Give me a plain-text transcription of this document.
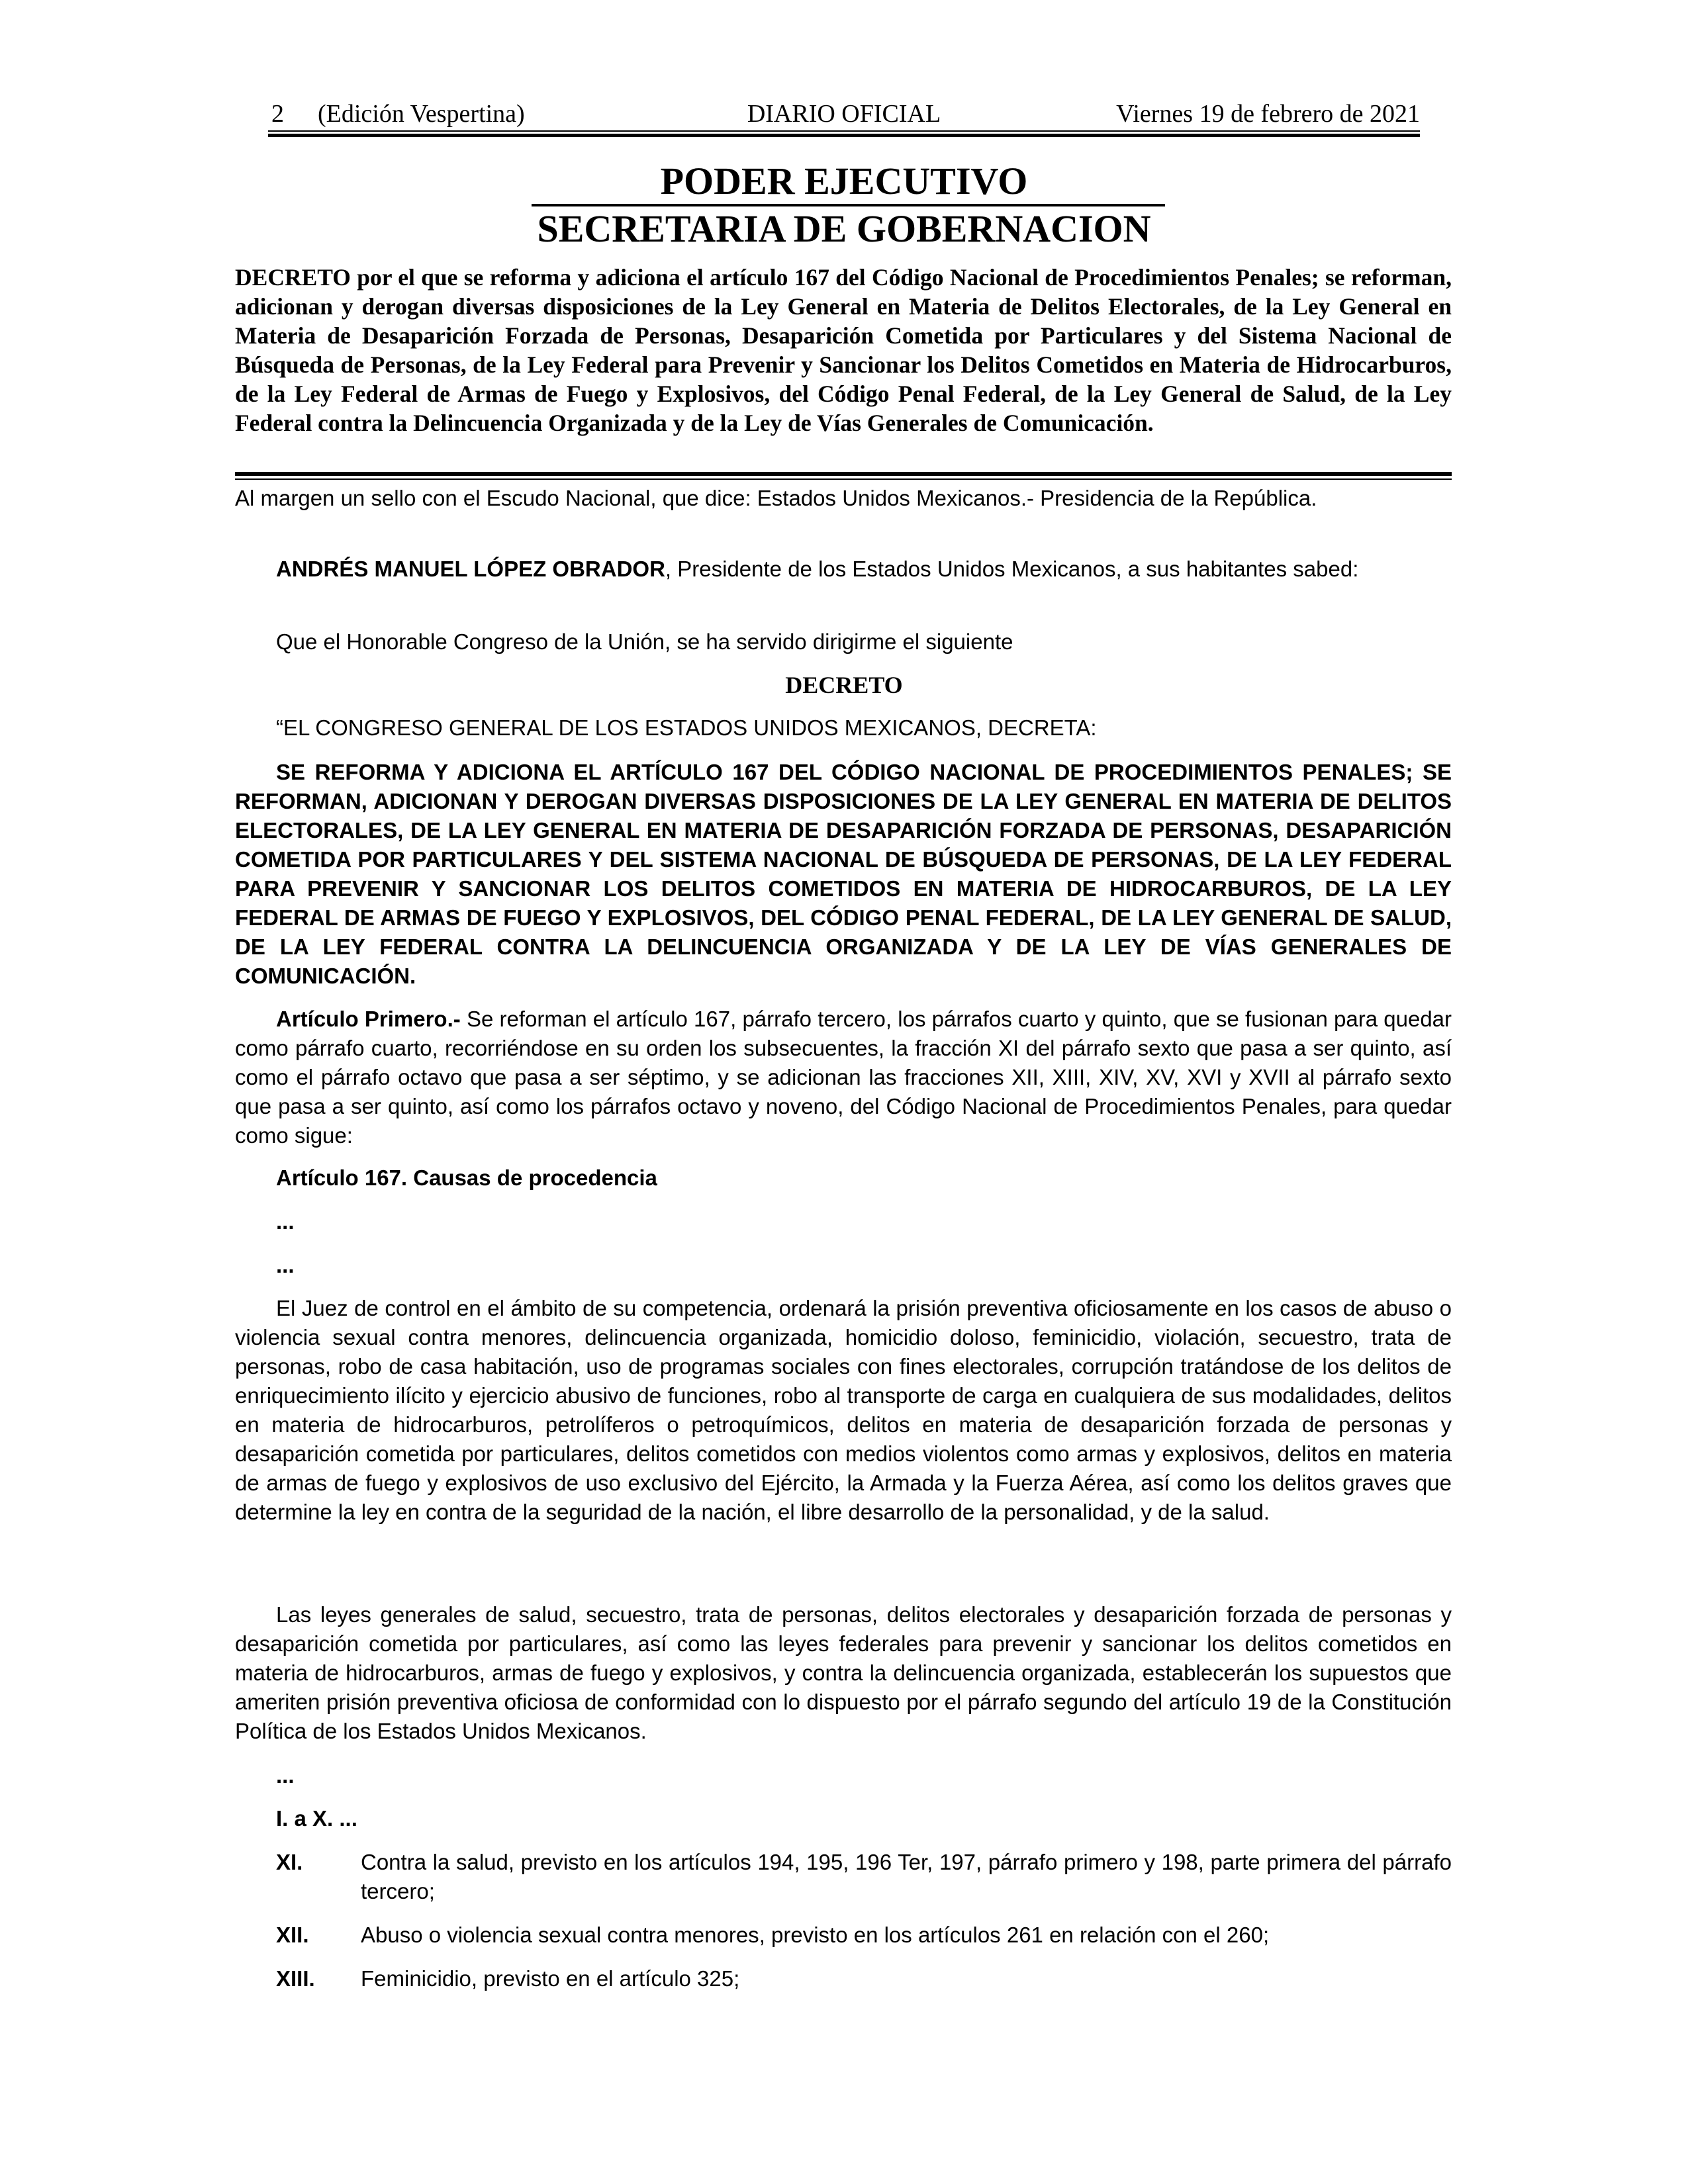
2 (Edición Vespertina)	DIARIO OFICIAL	Viernes 19 de febrero de 2021
PODER EJECUTIVO
SECRETARIA DE GOBERNACION

DECRETO por el que se reforma y adiciona el artículo 167 del Código Nacional de Procedimientos Penales; se reforman, adicionan y derogan diversas disposiciones de la Ley General en Materia de Delitos Electorales, de la Ley General en Materia de Desaparición Forzada de Personas, Desaparición Cometida por Particulares y del Sistema Nacional de Búsqueda de Personas, de la Ley Federal para Prevenir y Sancionar los Delitos Cometidos en Materia de Hidrocarburos, de la Ley Federal de Armas de Fuego y Explosivos, del Código Penal Federal, de la Ley General de Salud, de la Ley Federal contra la Delincuencia Organizada y de la Ley de Vías Generales de Comunicación.

Al margen un sello con el Escudo Nacional, que dice: Estados Unidos Mexicanos.- Presidencia de la República.

ANDRÉS MANUEL LÓPEZ OBRADOR, Presidente de los Estados Unidos Mexicanos, a sus habitantes sabed:

Que el Honorable Congreso de la Unión, se ha servido dirigirme el siguiente

DECRETO

“EL CONGRESO GENERAL DE LOS ESTADOS UNIDOS MEXICANOS, DECRETA:

SE REFORMA Y ADICIONA EL ARTÍCULO 167 DEL CÓDIGO NACIONAL DE PROCEDIMIENTOS PENALES; SE REFORMAN, ADICIONAN Y DEROGAN DIVERSAS DISPOSICIONES DE LA LEY GENERAL EN MATERIA DE DELITOS ELECTORALES, DE LA LEY GENERAL EN MATERIA DE DESAPARICIÓN FORZADA DE PERSONAS, DESAPARICIÓN COMETIDA POR PARTICULARES Y DEL SISTEMA NACIONAL DE BÚSQUEDA DE PERSONAS, DE LA LEY FEDERAL PARA PREVENIR Y SANCIONAR LOS DELITOS COMETIDOS EN MATERIA DE HIDROCARBUROS, DE LA LEY FEDERAL DE ARMAS DE FUEGO Y EXPLOSIVOS, DEL CÓDIGO PENAL FEDERAL, DE LA LEY GENERAL DE SALUD, DE LA LEY FEDERAL CONTRA LA DELINCUENCIA ORGANIZADA Y DE LA LEY DE VÍAS GENERALES DE COMUNICACIÓN.

Artículo Primero.- Se reforman el artículo 167, párrafo tercero, los párrafos cuarto y quinto, que se fusionan para quedar como párrafo cuarto, recorriéndose en su orden los subsecuentes, la fracción XI del párrafo sexto que pasa a ser quinto, así como el párrafo octavo que pasa a ser séptimo, y se adicionan las fracciones XII, XIII, XIV, XV, XVI y XVII al párrafo sexto que pasa a ser quinto, así como los párrafos octavo y noveno, del Código Nacional de Procedimientos Penales, para quedar como sigue:

Artículo 167. Causas de procedencia

...

...

El Juez de control en el ámbito de su competencia, ordenará la prisión preventiva oficiosamente en los casos de abuso o violencia sexual contra menores, delincuencia organizada, homicidio doloso, feminicidio, violación, secuestro, trata de personas, robo de casa habitación, uso de programas sociales con fines electorales, corrupción tratándose de los delitos de enriquecimiento ilícito y ejercicio abusivo de funciones, robo al transporte de carga en cualquiera de sus modalidades, delitos en materia de hidrocarburos, petrolíferos o petroquímicos, delitos en materia de desaparición forzada de personas y desaparición cometida por particulares, delitos cometidos con medios violentos como armas y explosivos, delitos en materia de armas de fuego y explosivos de uso exclusivo del Ejército, la Armada y la Fuerza Aérea, así como los delitos graves que determine la ley en contra de la seguridad de la nación, el libre desarrollo de la personalidad, y de la salud.

Las leyes generales de salud, secuestro, trata de personas, delitos electorales y desaparición forzada de personas y desaparición cometida por particulares, así como las leyes federales para prevenir y sancionar los delitos cometidos en materia de hidrocarburos, armas de fuego y explosivos, y contra la delincuencia organizada, establecerán los supuestos que ameriten prisión preventiva oficiosa de conformidad con lo dispuesto por el párrafo segundo del artículo 19 de la Constitución Política de los Estados Unidos Mexicanos.

...

I. a X. ...

XI.	Contra la salud, previsto en los artículos 194, 195, 196 Ter, 197, párrafo primero y 198, parte primera del párrafo tercero;
XII.	Abuso o violencia sexual contra menores, previsto en los artículos 261 en relación con el 260;
XIII.	Feminicidio, previsto en el artículo 325;
